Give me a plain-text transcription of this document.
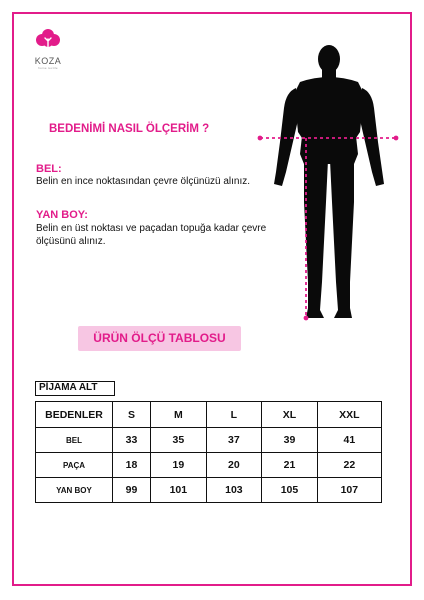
KOZA
home textile
BEDENİMİ NASIL ÖLÇERİM ?
BEL:
Belin en ince noktasından çevre ölçünüzü alınız.
YAN BOY:
Belin en üst noktası ve paçadan topuğa kadar çevre ölçüsünü alınız.
ÜRÜN ÖLÇÜ TABLOSU
PİJAMA ALT
BEDENLER	S	M	L	XL	XXL
BEL	33	35	37	39	41
PAÇA	18	19	20	21	22
YAN BOY	99	101	103	105	107
